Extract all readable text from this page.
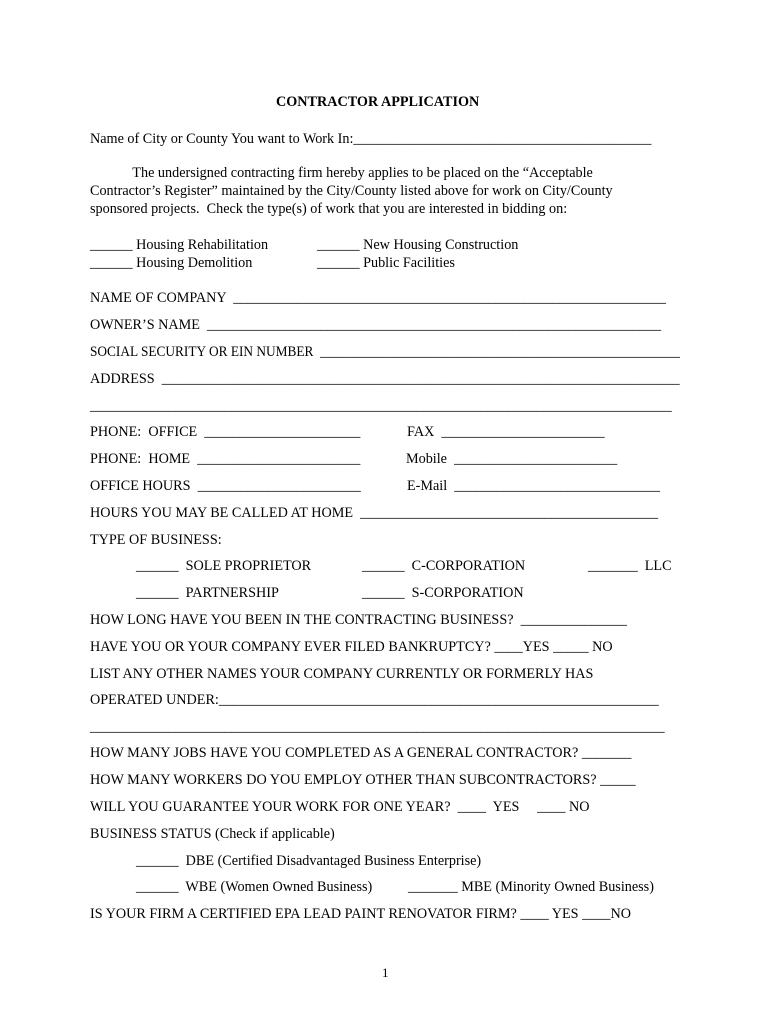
CONTRACTOR APPLICATION
Name of City or County You want to Work In:__________________________________________
The undersigned contracting firm hereby applies to be placed on the “Acceptable
Contractor’s Register” maintained by the City/County listed above for work on City/County
sponsored projects.  Check the type(s) of work that you are interested in bidding on:
______ Housing Rehabilitation	______ New Housing Construction
______ Housing Demolition	______ Public Facilities
NAME OF COMPANY  _____________________________________________________________
OWNER’S NAME  ________________________________________________________________
SOCIAL SECURITY OR EIN NUMBER  ______________________________________________________
ADDRESS  _________________________________________________________________________
__________________________________________________________________________________
PHONE:  OFFICE  ______________________	FAX  _______________________
PHONE:  HOME  _______________________	Mobile  _______________________
OFFICE HOURS  _______________________	E-Mail  _____________________________
HOURS YOU MAY BE CALLED AT HOME  __________________________________________
TYPE OF BUSINESS:
______  SOLE PROPRIETOR	______  C-CORPORATION	_______  LLC
______  PARTNERSHIP	______  S-CORPORATION
HOW LONG HAVE YOU BEEN IN THE CONTRACTING BUSINESS?  _______________
HAVE YOU OR YOUR COMPANY EVER FILED BANKRUPTCY? ____YES _____ NO
LIST ANY OTHER NAMES YOUR COMPANY CURRENTLY OR FORMERLY HAS
OPERATED UNDER:______________________________________________________________
_________________________________________________________________________________
HOW MANY JOBS HAVE YOU COMPLETED AS A GENERAL CONTRACTOR? _______
HOW MANY WORKERS DO YOU EMPLOY OTHER THAN SUBCONTRACTORS? _____
WILL YOU GUARANTEE YOUR WORK FOR ONE YEAR?  ____  YES     ____ NO
BUSINESS STATUS (Check if applicable)
______  DBE (Certified Disadvantaged Business Enterprise)
______  WBE (Women Owned Business)	_______ MBE (Minority Owned Business)
IS YOUR FIRM A CERTIFIED EPA LEAD PAINT RENOVATOR FIRM? ____ YES ____NO
1
